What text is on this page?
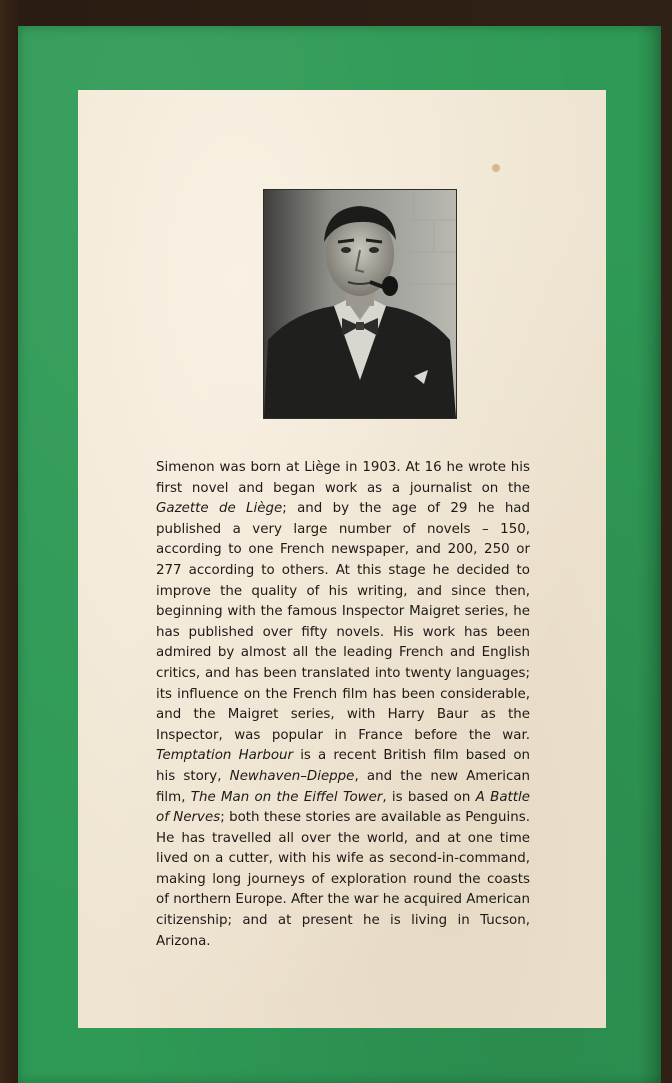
Simenon was born at Liège in 1903. At 16 he wrote his first novel and began work as a journalist on the Gazette de Liège; and by the age of 29 he had published a very large number of novels – 150, according to one French newspaper, and 200, 250 or 277 according to others. At this stage he decided to improve the quality of his writing, and since then, beginning with the famous Inspector Maigret series, he has published over fifty novels. His work has been admired by almost all the leading French and English critics, and has been translated into twenty languages; its influence on the French film has been considerable, and the Maigret series, with Harry Baur as the Inspector, was popular in France before the war. Temptation Harbour is a recent British film based on his story, Newhaven–Dieppe, and the new American film, The Man on the Eiffel Tower, is based on A Battle of Nerves; both these stories are available as Penguins. He has travelled all over the world, and at one time lived on a cutter, with his wife as second-in-command, making long journeys of exploration round the coasts of northern Europe. After the war he acquired American citizenship; and at present he is living in Tucson, Arizona.
